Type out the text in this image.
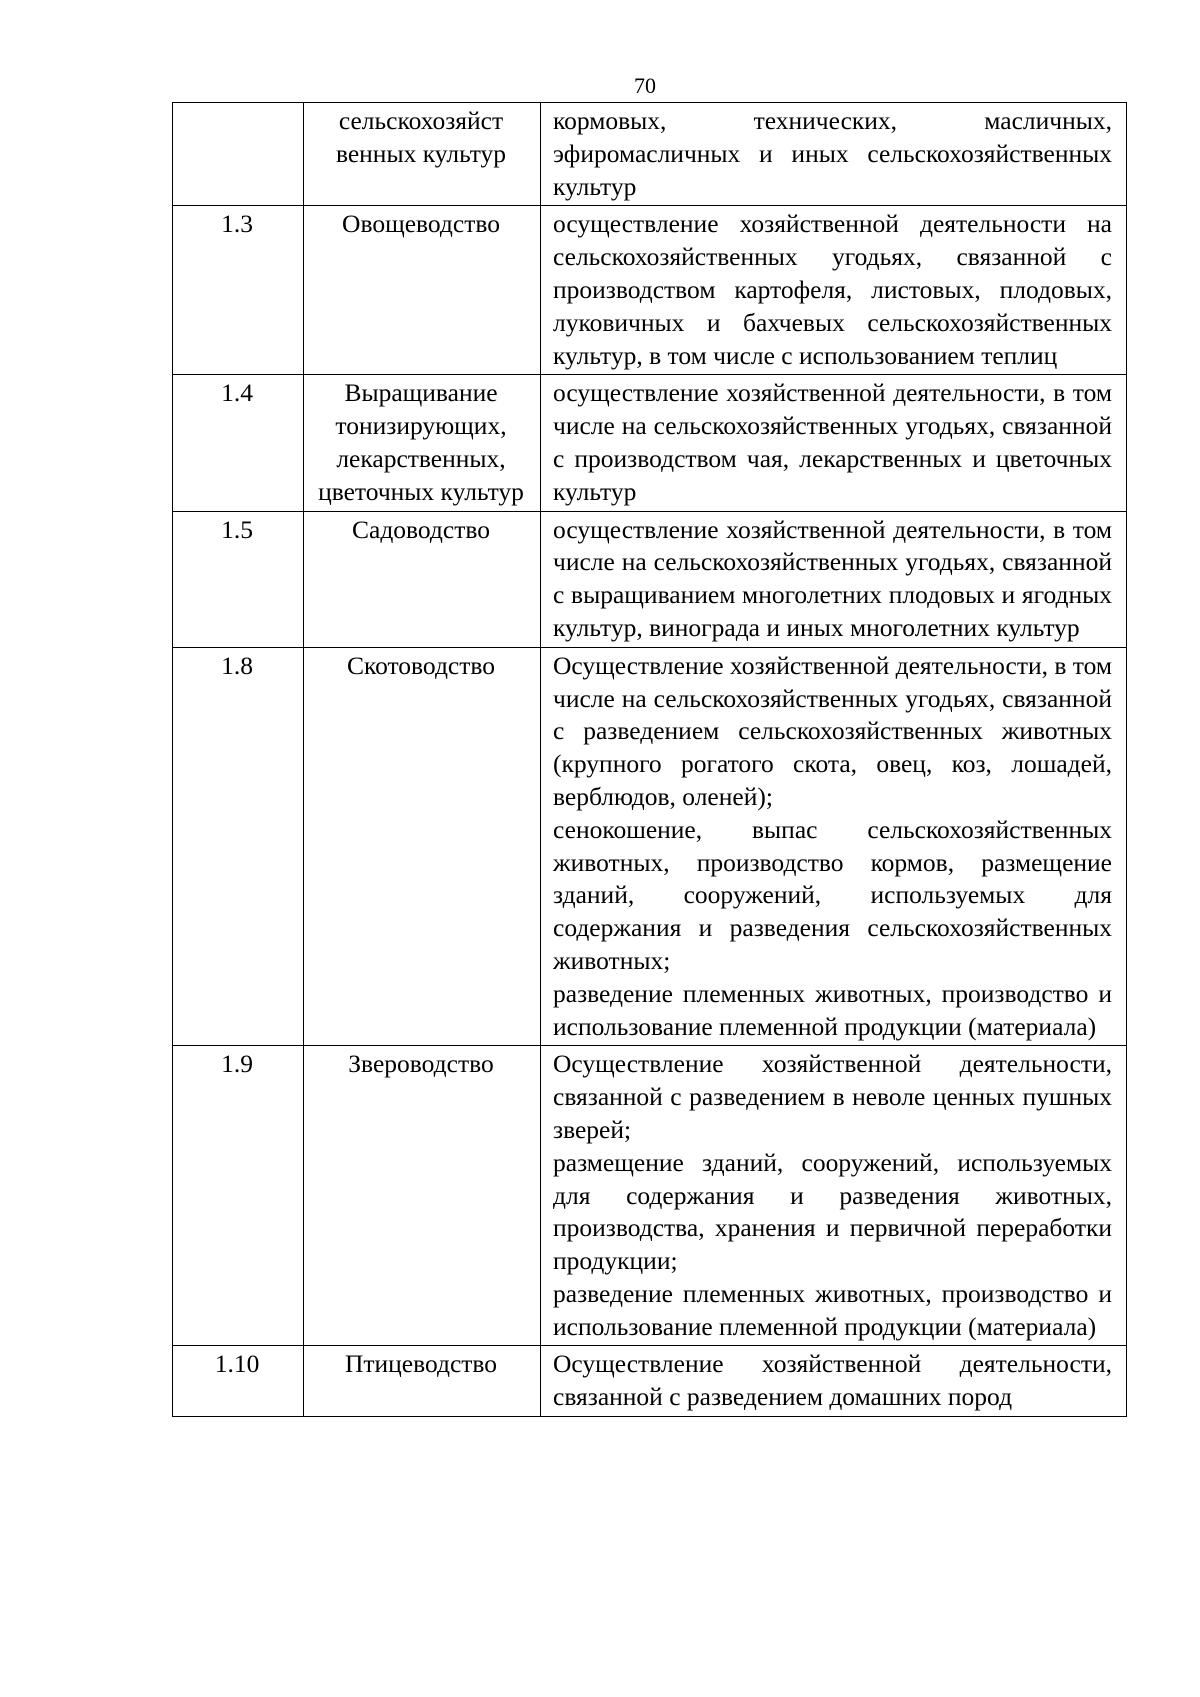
70
	сельскохозяйст венных культур	кормовых, технических, масличных, эфиромасличных и иных сельскохозяйственных культур

1.3	Овощеводство	осуществление хозяйственной деятельности на сельскохозяйственных угодьях, связанной с производством картофеля, листовых, плодовых, луковичных и бахчевых сельскохозяйственных культур, в том числе с использованием теплиц

1.4	Выращивание тонизирующих, лекарственных, цветочных культур	осуществление хозяйственной деятельности, в том числе на сельскохозяйственных угодьях, связанной с производством чая, лекарственных и цветочных культур

1.5	Садоводство	осуществление хозяйственной деятельности, в том числе на сельскохозяйственных угодьях, связанной с выращиванием многолетних плодовых и ягодных культур, винограда и иных многолетних культур

1.8	Скотоводство	Осуществление хозяйственной деятельности, в том числе на сельскохозяйственных угодьях, связанной с разведением сельскохозяйственных животных (крупного рогатого скота, овец, коз, лошадей, верблюдов, оленей);
сенокошение, выпас сельскохозяйственных животных, производство кормов, размещение зданий, сооружений, используемых для содержания и разведения сельскохозяйственных животных;
разведение племенных животных, производство и использование племенной продукции (материала)

1.9	Звероводство	Осуществление хозяйственной деятельности, связанной с разведением в неволе ценных пушных зверей;
размещение зданий, сооружений, используемых для содержания и разведения животных, производства, хранения и первичной переработки продукции;
разведение племенных животных, производство и использование племенной продукции (материала)

1.10	Птицеводство	Осуществление хозяйственной деятельности, связанной с разведением домашних пород
